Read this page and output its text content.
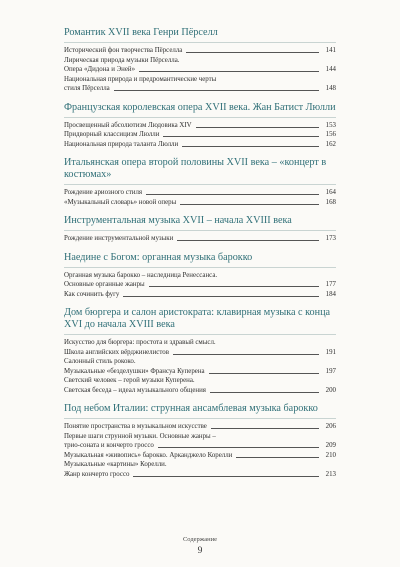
Романтик XVII века Генри Пёрселл
Исторический фон творчества Пёрселла	141
Лирическая природа музыки Пёрселла.
Опера «Дидона и Эней»	144
Национальная природа и предромантические черты
стиля Пёрселла	148
Французская королевская опера XVII века. Жан Батист Люлли
Просвещенный абсолютизм Людовика XIV	153
Придворный классицизм Люлли	156
Национальная природа таланта Люлли	162
Итальянская опера второй половины XVII века – «концерт в костюмах»
Рождение ариозного стиля	164
«Музыкальный словарь» новой оперы	168
Инструментальная музыка XVII – начала XVIII века
Рождение инструментальной музыки	173
Наедине с Богом: органная музыка барокко
Органная музыка барокко – наследница Ренессанса.
Основные органные жанры	177
Как сочинить фугу	184
Дом бюргера и салон аристократа: клавирная музыка с конца XVI до начала XVIII века
Искусство для бюргера: простота и здравый смысл.
Школа английских вёрджинелистов	191
Салонный стиль рококо.
Музыкальные «безделушки» Франсуа Куперена	197
Светский человек – герой музыки Куперена.
Светская беседа – идеал музыкального общения	200
Под небом Италии: струнная ансамблевая музыка барокко
Понятие пространства в музыкальном искусстве	206
Первые шаги струнной музыки. Основные жанры –
трио-соната и кончерто гроссо	209
Музыкальная «живопись» барокко. Арканджело Корелли	210
Музыкальные «картины» Корелли.
Жанр кончерто гроссо	213
Содержание
9
